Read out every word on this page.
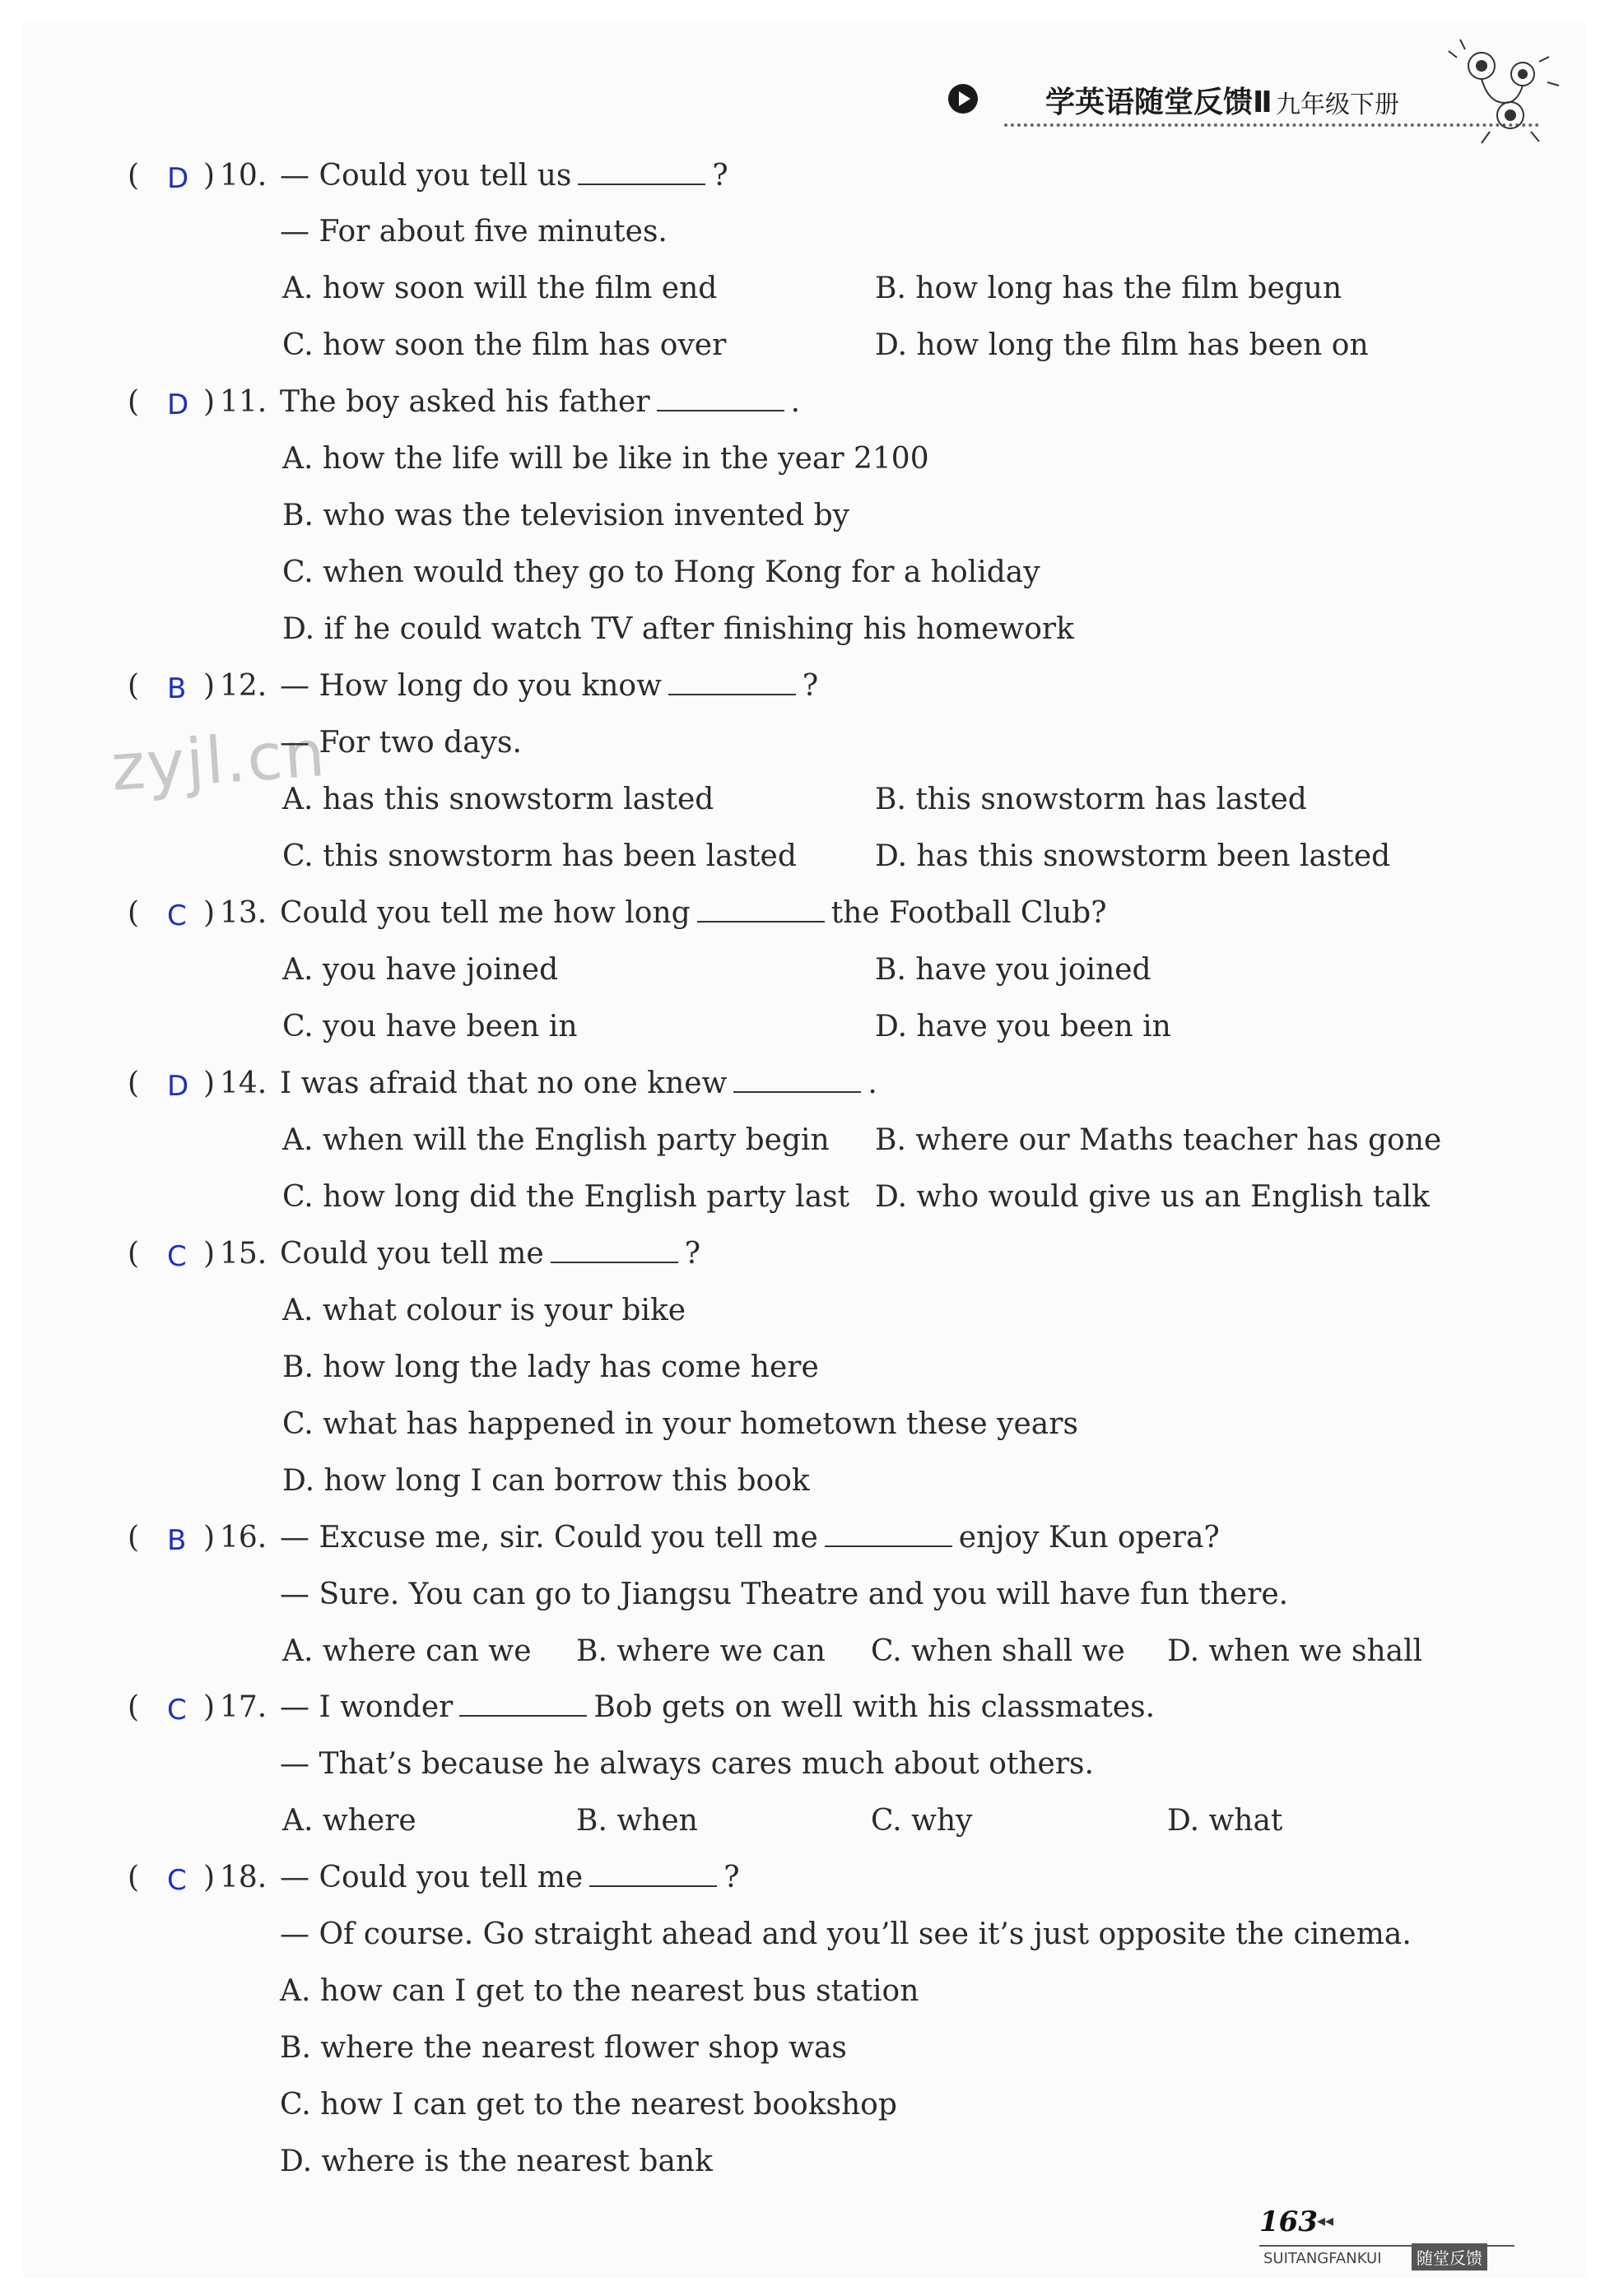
学英语随堂反馈Ⅱ 九年级下册
zyjl.cn
( D ) 10. — Could you tell us	?
— For about five minutes.
A. how soon will the film end	B. how long has the film begun
C. how soon the film has over	D. how long the film has been on
( D ) 11. The boy asked his father	.
A. how the life will be like in the year 2100
B. who was the television invented by
C. when would they go to Hong Kong for a holiday
D. if he could watch TV after finishing his homework
( B ) 12. — How long do you know	?
— For two days.
A. has this snowstorm lasted	B. this snowstorm has lasted
C. this snowstorm has been lasted	D. has this snowstorm been lasted
( C ) 13. Could you tell me how long	the Football Club?
A. you have joined	B. have you joined
C. you have been in	D. have you been in
( D ) 14. I was afraid that no one knew	.
A. when will the English party begin B. where our Maths teacher has gone
C. how long did the English party last D. who would give us an English talk
( C ) 15. Could you tell me	?
A. what colour is your bike
B. how long the lady has come here
C. what has happened in your hometown these years
D. how long I can borrow this book
( B ) 16. — Excuse me, sir. Could you tell me	enjoy Kun opera?
— Sure. You can go to Jiangsu Theatre and you will have fun there.
A. where can we B. where we can C. when shall we D. when we shall
( C ) 17. — I wonder	Bob gets on well with his classmates.
— That’s because he always cares much about others.
A. where	B. when	C. why	D. what
( C ) 18. — Could you tell me	?
— Of course. Go straight ahead and you’ll see it’s just opposite the cinema.
A. how can I get to the nearest bus station
B. where the nearest flower shop was
C. how I can get to the nearest bookshop
D. where is the nearest bank
163 ◂◂
SUITANGFANKUI	随堂反馈
